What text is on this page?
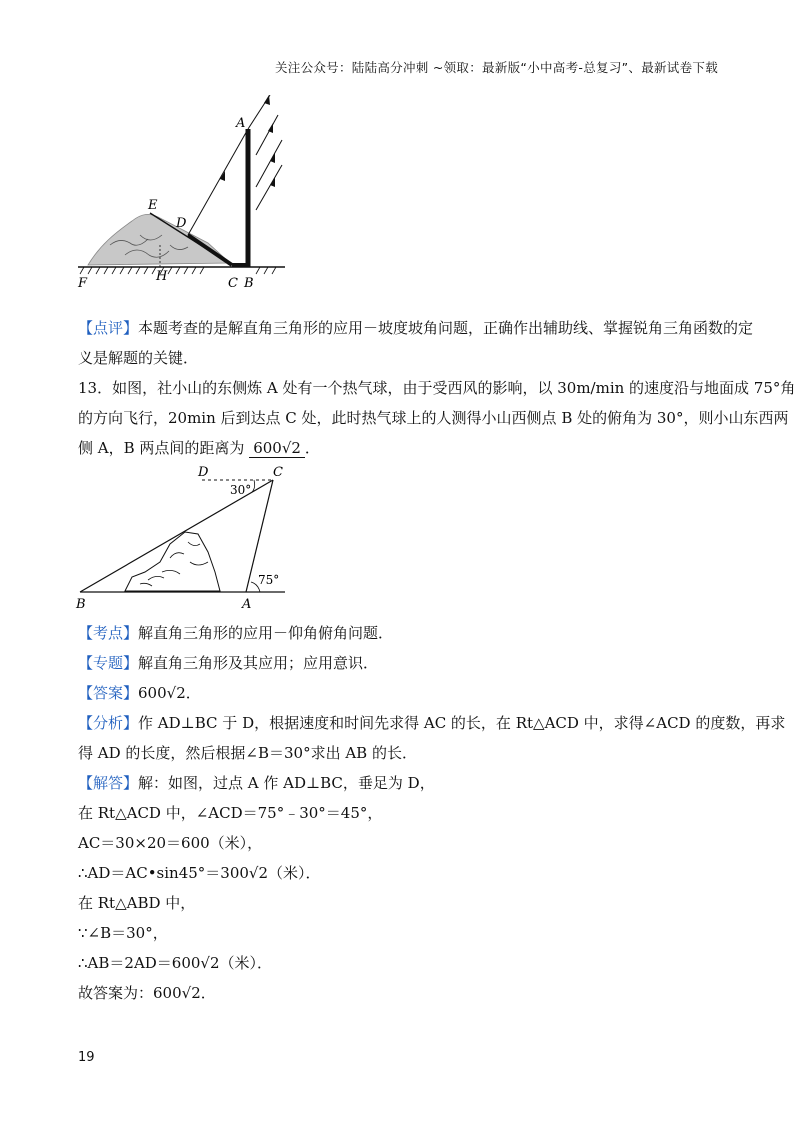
关注公众号：陆陆高分冲刺 ~领取：最新版“小中高考-总复习”、最新试卷下载
A
E
D
F	H	C B
【点评】本题考查的是解直角三角形的应用－坡度坡角问题，正确作出辅助线、掌握锐角三角函数的定
义是解题的关键．
13．如图，社小山的东侧炼 A 处有一个热气球，由于受西风的影响，以 30m/min 的速度沿与地面成 75°角
的方向飞行，20min 后到达点 C 处，此时热气球上的人测得小山西侧点 B 处的俯角为 30°，则小山东西两
侧 A，B 两点间的距离为 600√2 ．
D	C
30°
75°
B	A
【考点】解直角三角形的应用－仰角俯角问题．
【专题】解直角三角形及其应用；应用意识．
【答案】600√2．
【分析】作 AD⊥BC 于 D，根据速度和时间先求得 AC 的长，在 Rt△ACD 中，求得∠ACD 的度数，再求
得 AD 的长度，然后根据∠B＝30°求出 AB 的长．
【解答】解：如图，过点 A 作 AD⊥BC，垂足为 D，
在 Rt△ACD 中，∠ACD＝75°﹣30°＝45°，
AC＝30×20＝600（米），
∴AD＝AC•sin45°＝300√2（米）．
在 Rt△ABD 中，
∵∠B＝30°，
∴AB＝2AD＝600√2（米）．
故答案为：600√2．
19
